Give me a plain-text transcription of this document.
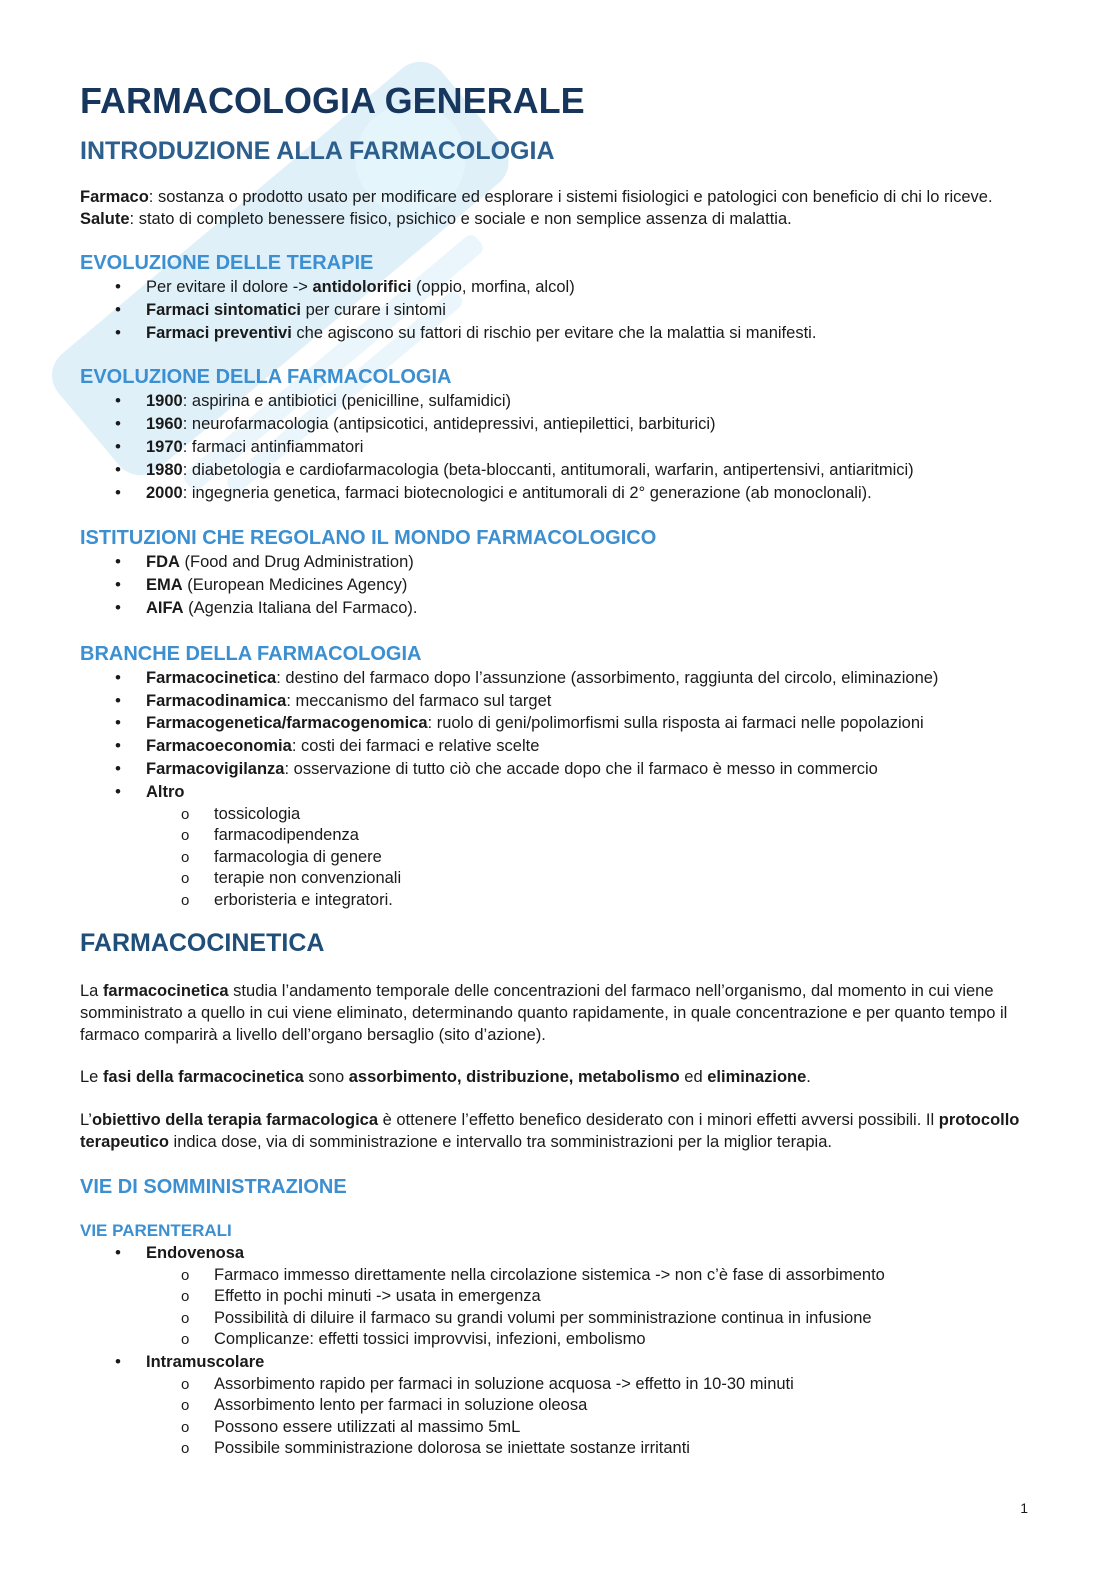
FARMACOLOGIA GENERALE
INTRODUZIONE ALLA FARMACOLOGIA

Farmaco: sostanza o prodotto usato per modificare ed esplorare i sistemi fisiologici e patologici con beneficio di chi lo riceve. Salute: stato di completo benessere fisico, psichico e sociale e non semplice assenza di malattia.

EVOLUZIONE DELLE TERAPIE
• Per evitare il dolore -> antidolorifici (oppio, morfina, alcol)
• Farmaci sintomatici per curare i sintomi
• Farmaci preventivi che agiscono su fattori di rischio per evitare che la malattia si manifesti.
EVOLUZIONE DELLA FARMACOLOGIA
• 1900: aspirina e antibiotici (penicilline, sulfamidici)
• 1960: neurofarmacologia (antipsicotici, antidepressivi, antiepilettici, barbiturici)
• 1970: farmaci antinfiammatori
• 1980: diabetologia e cardiofarmacologia (beta-bloccanti, antitumorali, warfarin, antipertensivi, antiaritmici)
• 2000: ingegneria genetica, farmaci biotecnologici e antitumorali di 2° generazione (ab monoclonali).
ISTITUZIONI CHE REGOLANO IL MONDO FARMACOLOGICO
• FDA (Food and Drug Administration)
• EMA (European Medicines Agency)
• AIFA (Agenzia Italiana del Farmaco).
BRANCHE DELLA FARMACOLOGIA
• Farmacocinetica: destino del farmaco dopo l’assunzione (assorbimento, raggiunta del circolo, eliminazione)
• Farmacodinamica: meccanismo del farmaco sul target
• Farmacogenetica/farmacogenomica: ruolo di geni/polimorfismi sulla risposta ai farmaci nelle popolazioni
• Farmacoeconomia: costi dei farmaci e relative scelte
• Farmacovigilanza: osservazione di tutto ciò che accade dopo che il farmaco è messo in commercio
• Altro
o tossicologia
o farmacodipendenza
o farmacologia di genere
o terapie non convenzionali
o erboristeria e integratori.
FARMACOCINETICA

La farmacocinetica studia l’andamento temporale delle concentrazioni del farmaco nell’organismo, dal momento in cui viene somministrato a quello in cui viene eliminato, determinando quanto rapidamente, in quale concentrazione e per quanto tempo il farmaco comparirà a livello dell’organo bersaglio (sito d’azione).

Le fasi della farmacocinetica sono assorbimento, distribuzione, metabolismo ed eliminazione.

L’obiettivo della terapia farmacologica è ottenere l’effetto benefico desiderato con i minori effetti avversi possibili. Il protocollo terapeutico indica dose, via di somministrazione e intervallo tra somministrazioni per la miglior terapia.

VIE DI SOMMINISTRAZIONE
VIE PARENTERALI
• Endovenosa
o Farmaco immesso direttamente nella circolazione sistemica -> non c’è fase di assorbimento
o Effetto in pochi minuti -> usata in emergenza
o Possibilità di diluire il farmaco su grandi volumi per somministrazione continua in infusione
o Complicanze: effetti tossici improvvisi, infezioni, embolismo
• Intramuscolare
o Assorbimento rapido per farmaci in soluzione acquosa -> effetto in 10-30 minuti
o Assorbimento lento per farmaci in soluzione oleosa
o Possono essere utilizzati al massimo 5mL
o Possibile somministrazione dolorosa se iniettate sostanze irritanti
1
